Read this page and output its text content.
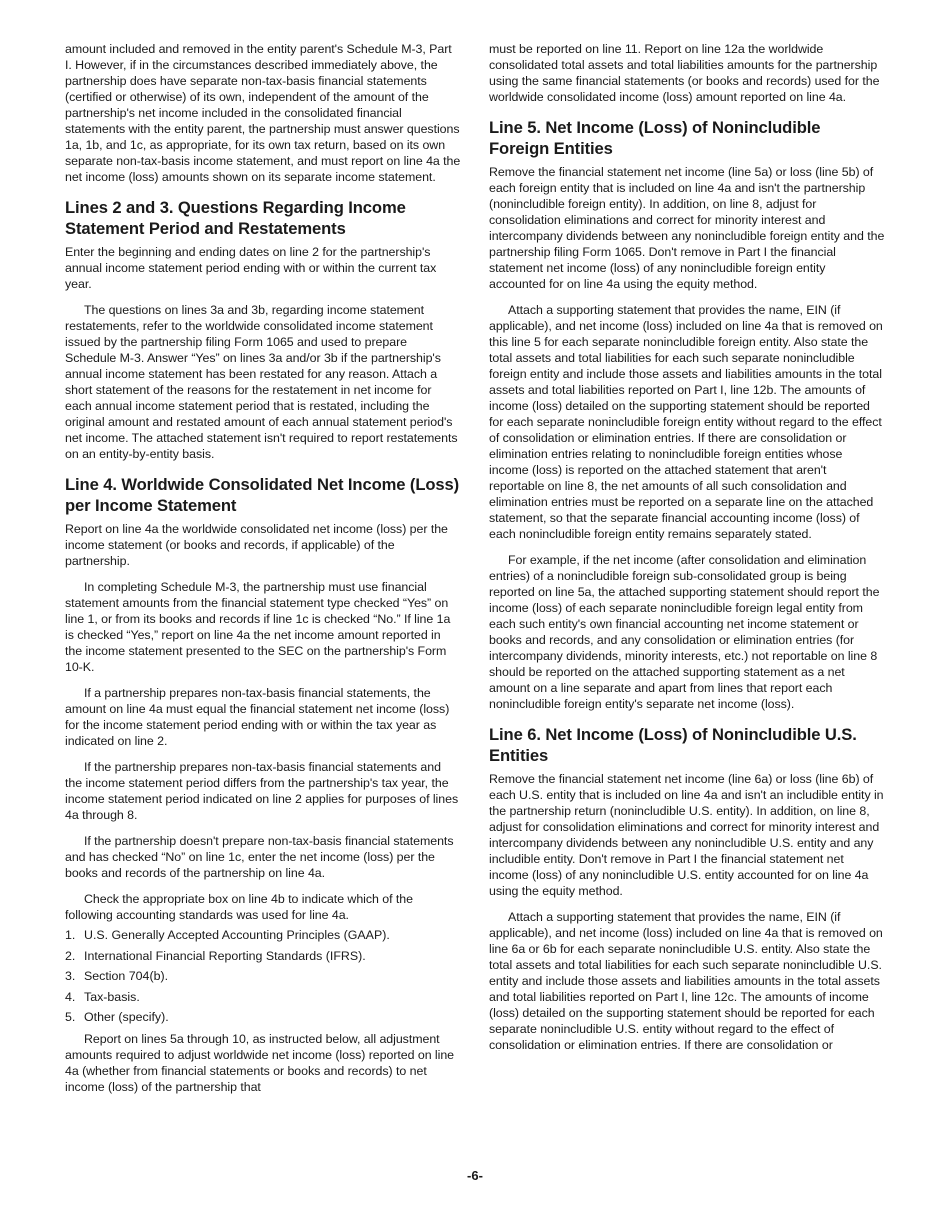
amount included and removed in the entity parent's Schedule M-3, Part I. However, if in the circumstances described immediately above, the partnership does have separate non-tax-basis financial statements (certified or otherwise) of its own, independent of the amount of the partnership's net income included in the consolidated financial statements with the entity parent, the partnership must answer questions 1a, 1b, and 1c, as appropriate, for its own tax return, based on its own separate non-tax-basis income statement, and must report on line 4a the net income (loss) amounts shown on its separate income statement.

Lines 2 and 3. Questions Regarding Income Statement Period and Restatements

Enter the beginning and ending dates on line 2 for the partnership's annual income statement period ending with or within the current tax year.

The questions on lines 3a and 3b, regarding income statement restatements, refer to the worldwide consolidated income statement issued by the partnership filing Form 1065 and used to prepare Schedule M-3. Answer “Yes” on lines 3a and/or 3b if the partnership's annual income statement has been restated for any reason. Attach a short statement of the reasons for the restatement in net income for each annual income statement period that is restated, including the original amount and restated amount of each annual statement period's net income. The attached statement isn't required to report restatements on an entity-by-entity basis.

Line 4. Worldwide Consolidated Net Income (Loss) per Income Statement

Report on line 4a the worldwide consolidated net income (loss) per the income statement (or books and records, if applicable) of the partnership.

In completing Schedule M-3, the partnership must use financial statement amounts from the financial statement type checked “Yes” on line 1, or from its books and records if line 1c is checked “No.” If line 1a is checked “Yes,” report on line 4a the net income amount reported in the income statement presented to the SEC on the partnership's Form 10-K.

If a partnership prepares non-tax-basis financial statements, the amount on line 4a must equal the financial statement net income (loss) for the income statement period ending with or within the tax year as indicated on line 2.

If the partnership prepares non-tax-basis financial statements and the income statement period differs from the partnership's tax year, the income statement period indicated on line 2 applies for purposes of lines 4a through 8.

If the partnership doesn't prepare non-tax-basis financial statements and has checked “No” on line 1c, enter the net income (loss) per the books and records of the partnership on line 4a.

Check the appropriate box on line 4b to indicate which of the following accounting standards was used for line 4a.

1. U.S. Generally Accepted Accounting Principles (GAAP).
2. International Financial Reporting Standards (IFRS).
3. Section 704(b).
4. Tax-basis.
5. Other (specify).

Report on lines 5a through 10, as instructed below, all adjustment amounts required to adjust worldwide net income (loss) reported on line 4a (whether from financial statements or books and records) to net income (loss) of the partnership that

must be reported on line 11. Report on line 12a the worldwide consolidated total assets and total liabilities amounts for the partnership using the same financial statements (or books and records) used for the worldwide consolidated income (loss) amount reported on line 4a.

Line 5. Net Income (Loss) of Nonincludible Foreign Entities

Remove the financial statement net income (line 5a) or loss (line 5b) of each foreign entity that is included on line 4a and isn't the partnership (nonincludible foreign entity). In addition, on line 8, adjust for consolidation eliminations and correct for minority interest and intercompany dividends between any nonincludible foreign entity and the partnership filing Form 1065. Don't remove in Part I the financial statement net income (loss) of any nonincludible foreign entity accounted for on line 4a using the equity method.

Attach a supporting statement that provides the name, EIN (if applicable), and net income (loss) included on line 4a that is removed on this line 5 for each separate nonincludible foreign entity. Also state the total assets and total liabilities for each such separate nonincludible foreign entity and include those assets and liabilities amounts in the total assets and total liabilities reported on Part I, line 12b. The amounts of income (loss) detailed on the supporting statement should be reported for each separate nonincludible foreign entity without regard to the effect of consolidation or elimination entries. If there are consolidation or elimination entries relating to nonincludible foreign entities whose income (loss) is reported on the attached statement that aren't reportable on line 8, the net amounts of all such consolidation and elimination entries must be reported on a separate line on the attached statement, so that the separate financial accounting income (loss) of each nonincludible foreign entity remains separately stated.

For example, if the net income (after consolidation and elimination entries) of a nonincludible foreign sub-consolidated group is being reported on line 5a, the attached supporting statement should report the income (loss) of each separate nonincludible foreign legal entity from each such entity's own financial accounting net income statement or books and records, and any consolidation or elimination entries (for intercompany dividends, minority interests, etc.) not reportable on line 8 should be reported on the attached supporting statement as a net amount on a line separate and apart from lines that report each nonincludible foreign entity's separate net income (loss).

Line 6. Net Income (Loss) of Nonincludible U.S. Entities

Remove the financial statement net income (line 6a) or loss (line 6b) of each U.S. entity that is included on line 4a and isn't an includible entity in the partnership return (nonincludible U.S. entity). In addition, on line 8, adjust for consolidation eliminations and correct for minority interest and intercompany dividends between any nonincludible U.S. entity and any includible entity. Don't remove in Part I the financial statement net income (loss) of any nonincludible U.S. entity accounted for on line 4a using the equity method.

Attach a supporting statement that provides the name, EIN (if applicable), and net income (loss) included on line 4a that is removed on line 6a or 6b for each separate nonincludible U.S. entity. Also state the total assets and total liabilities for each such separate nonincludible U.S. entity and include those assets and liabilities amounts in the total assets and total liabilities reported on Part I, line 12c. The amounts of income (loss) detailed on the supporting statement should be reported for each separate nonincludible U.S. entity without regard to the effect of consolidation or elimination entries. If there are consolidation or

-6-
